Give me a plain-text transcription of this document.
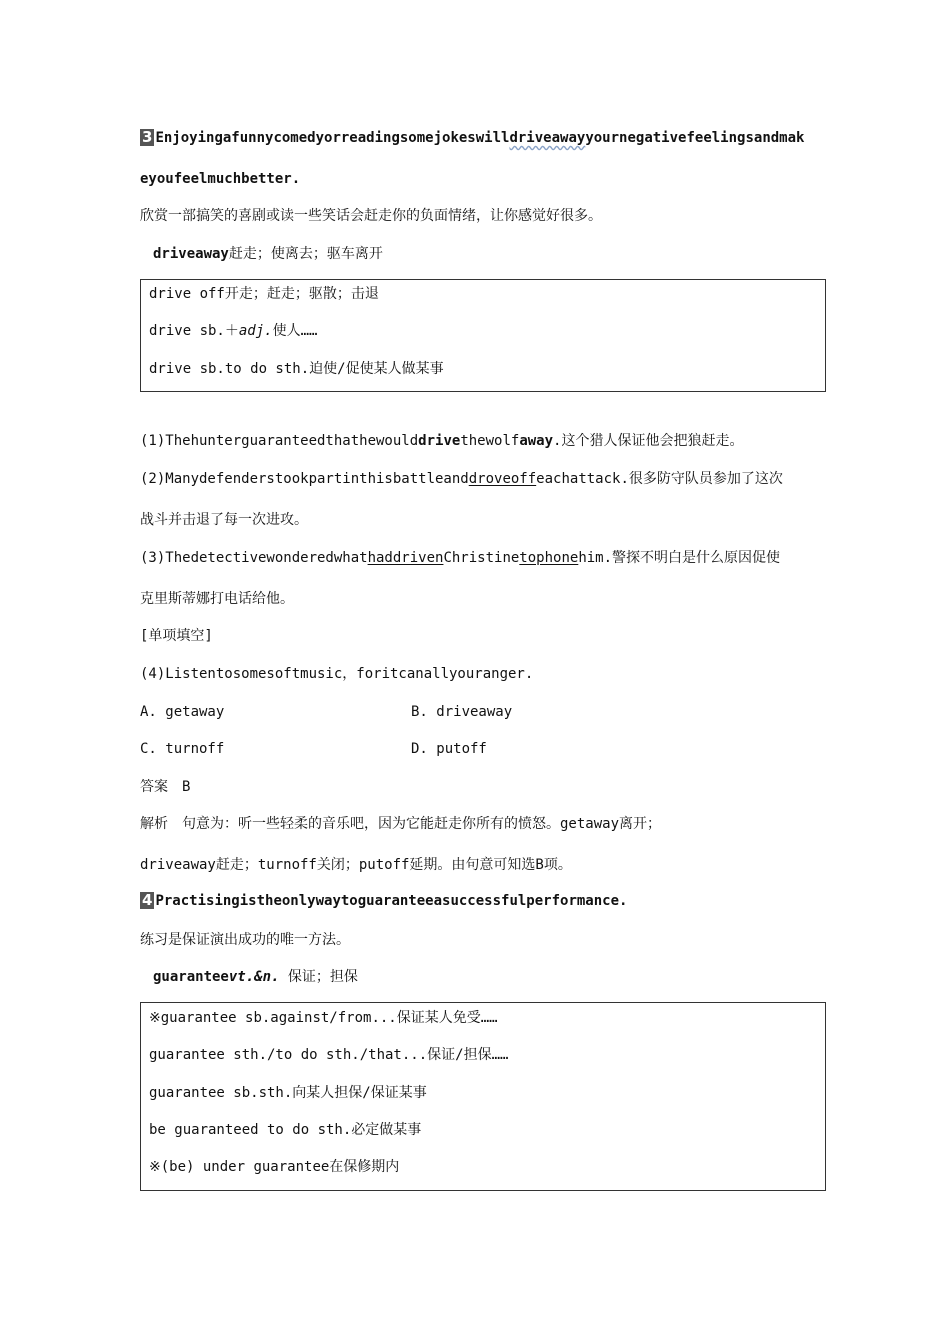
3 Enjoyingafunnycomedyorreadingsomejokeswilldriveawayyournegativefeelingsandmak
eyoufeelmuchbetter.
欣赏一部搞笑的喜剧或读一些笑话会赶走你的负面情绪，让你感觉好很多。
driveaway赶走；使离去；驱车离开
drive off开走；赶走；驱散；击退
drive sb.＋adj.使人……
drive sb.to do sth.迫使/促使某人做某事
(1)Thehunterguaranteedthathewoulddrivethewolfaway.这个猎人保证他会把狼赶走。
(2)Manydefenderstookpartinthisbattleanddroveoffeachattack.很多防守队员参加了这次
战斗并击退了每一次进攻。
(3)ThedetectivewonderedwhathaddrivenChristinetophonehim.警探不明白是什么原因促使
克里斯蒂娜打电话给他。
[单项填空]
(4)Listentosomesoftmusic，foritcanallyouranger.
A. getaway	B. driveaway
C. turnoff	D. putoff
答案　B
解析　句意为：听一些轻柔的音乐吧，因为它能赶走你所有的愤怒。getaway离开；
driveaway赶走；turnoff关闭；putoff延期。由句意可知选B项。
4 Practisingistheonlywaytoguaranteeasuccessfulperformance.
练习是保证演出成功的唯一方法。
guaranteevt.&n. 保证；担保
※guarantee sb.against/from...保证某人免受……
guarantee sth./to do sth./that...保证/担保……
guarantee sb.sth.向某人担保/保证某事
be guaranteed to do sth.必定做某事
※(be) under guarantee在保修期内
